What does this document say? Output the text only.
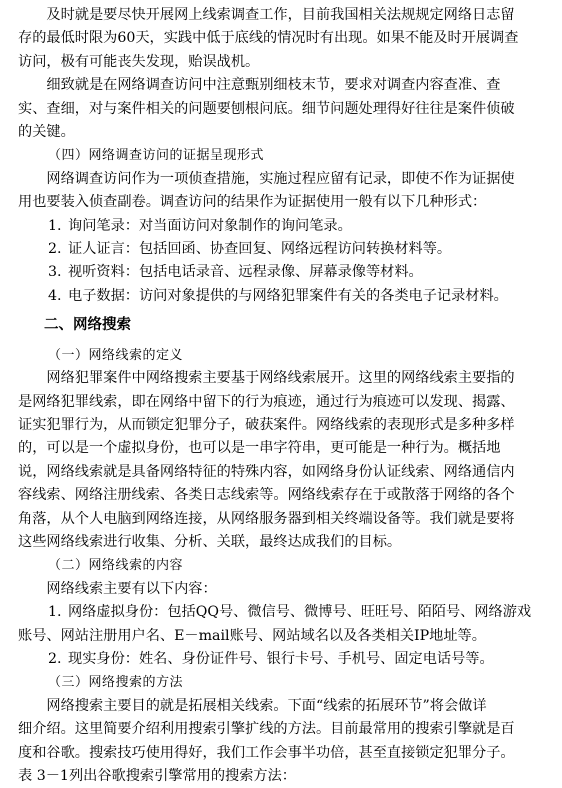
及时就是要尽快开展网上线索调查工作，目前我国相关法规规定网络日志留
存的最低时限为60天，实践中低于底线的情况时有出现。如果不能及时开展调查
访问，极有可能丧失发现，贻误战机。

细致就是在网络调查访问中注意甄别细枝末节，要求对调查内容查准、查
实、查细，对与案件相关的问题要刨根问底。细节问题处理得好往往是案件侦破
的关键。

（四）网络调查访问的证据呈现形式

网络调查访问作为一项侦查措施，实施过程应留有记录，即使不作为证据使
用也要装入侦查副卷。调查访问的结果作为证据使用一般有以下几种形式：

1. 询问笔录：对当面访问对象制作的询问笔录。
2. 证人证言：包括回函、协查回复、网络远程访问转换材料等。
3. 视听资料：包括电话录音、远程录像、屏幕录像等材料。
4. 电子数据：访问对象提供的与网络犯罪案件有关的各类电子记录材料。
二、网络搜索

（一）网络线索的定义

网络犯罪案件中网络搜索主要基于网络线索展开。这里的网络线索主要指的
是网络犯罪线索，即在网络中留下的行为痕迹，通过行为痕迹可以发现、揭露、
证实犯罪行为，从而锁定犯罪分子，破获案件。网络线索的表现形式是多种多样
的，可以是一个虚拟身份，也可以是一串字符串，更可能是一种行为。概括地
说，网络线索就是具备网络特征的特殊内容，如网络身份认证线索、网络通信内
容线索、网络注册线索、各类日志线索等。网络线索存在于或散落于网络的各个
角落，从个人电脑到网络连接，从网络服务器到相关终端设备等。我们就是要将
这些网络线索进行收集、分析、关联，最终达成我们的目标。

（二）网络线索的内容

网络线索主要有以下内容：

1. 网络虚拟身份：包括QQ号、微信号、微博号、旺旺号、陌陌号、网络游戏
账号、网站注册用户名、E－mail账号、网站域名以及各类相关IP地址等。
2. 现实身份：姓名、身份证件号、银行卡号、手机号、固定电话号等。

（三）网络搜索的方法

网络搜索主要目的就是拓展相关线索。下面“线索的拓展环节”将会做详
细介绍。这里简要介绍利用搜索引擎扩线的方法。目前最常用的搜索引擎就是百
度和谷歌。搜索技巧使用得好，我们工作会事半功倍，甚至直接锁定犯罪分子。

表 3－1列出谷歌搜索引擎常用的搜索方法：
